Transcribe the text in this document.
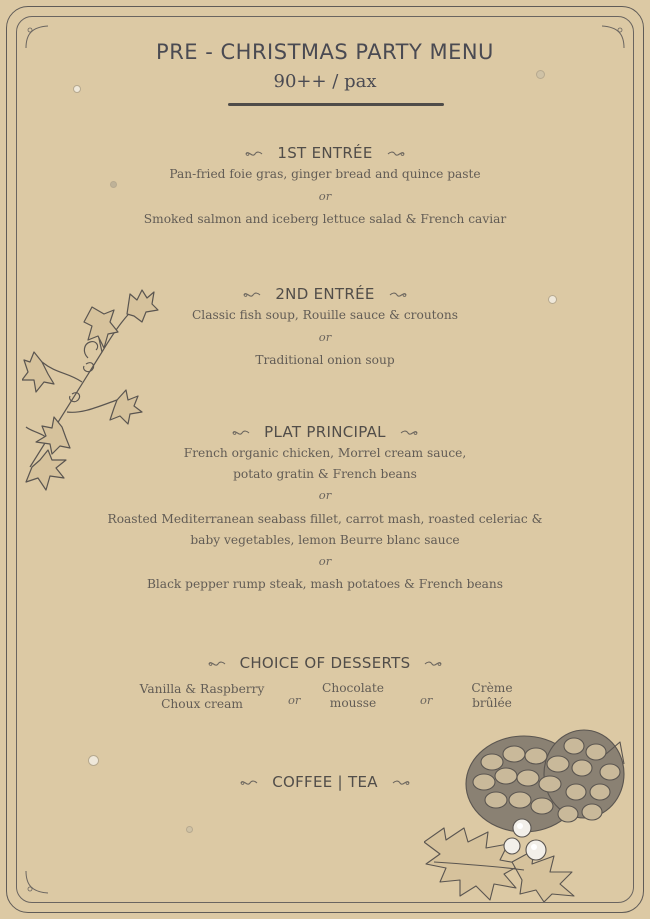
PRE - CHRISTMAS PARTY MENU
90++ / pax
1ST ENTRÉE
Pan-fried foie gras, ginger bread and quince paste
or
Smoked salmon and iceberg lettuce salad & French caviar
2ND ENTRÉE
Classic fish soup, Rouille sauce & croutons
or
Traditional onion soup
PLAT PRINCIPAL
French organic chicken, Morrel cream sauce,
potato gratin & French beans
or
Roasted Mediterranean seabass fillet, carrot mash, roasted celeriac &
baby vegetables, lemon Beurre blanc sauce
or
Black pepper rump steak, mash potatoes & French beans
CHOICE OF DESSERTS
Vanilla & Raspberry
Choux cream	or
Chocolate
mousse	or
Crème
brûlée
COFFEE | TEA
